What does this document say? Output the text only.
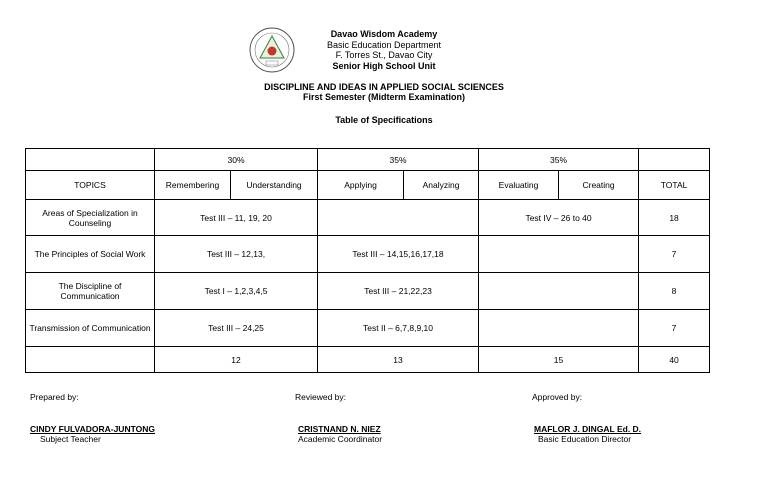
Davao Wisdom Academy
Basic Education Department
F. Torres St., Davao City
Senior High School Unit
DISCIPLINE AND IDEAS IN APPLIED SOCIAL SCIENCES
First Semester (Midterm Examination)
Table of Specifications
	30%		35%		35%		
TOPICS	Remembering	Understanding	Applying	Analyzing	Evaluating	Creating	TOTAL
Areas of Specialization in Counseling	Test III – 11, 19, 20				Test IV – 26 to 40		18
The Principles of Social Work	Test III – 12,13,		Test III – 14,15,16,17,18				7
The Discipline of Communication	Test I – 1,2,3,4,5		Test III – 21,22,23				8
Transmission of Communication	Test III – 24,25		Test II – 6,7,8,9,10				7
	12		13		15		40
Prepared by:	Reviewed by:	Approved by:
CINDY FULVADORA-JUNTONG
Subject Teacher
CRISTNAND N. NIEZ
Academic Coordinator
MAFLOR J. DINGAL Ed. D.
Basic Education Director
